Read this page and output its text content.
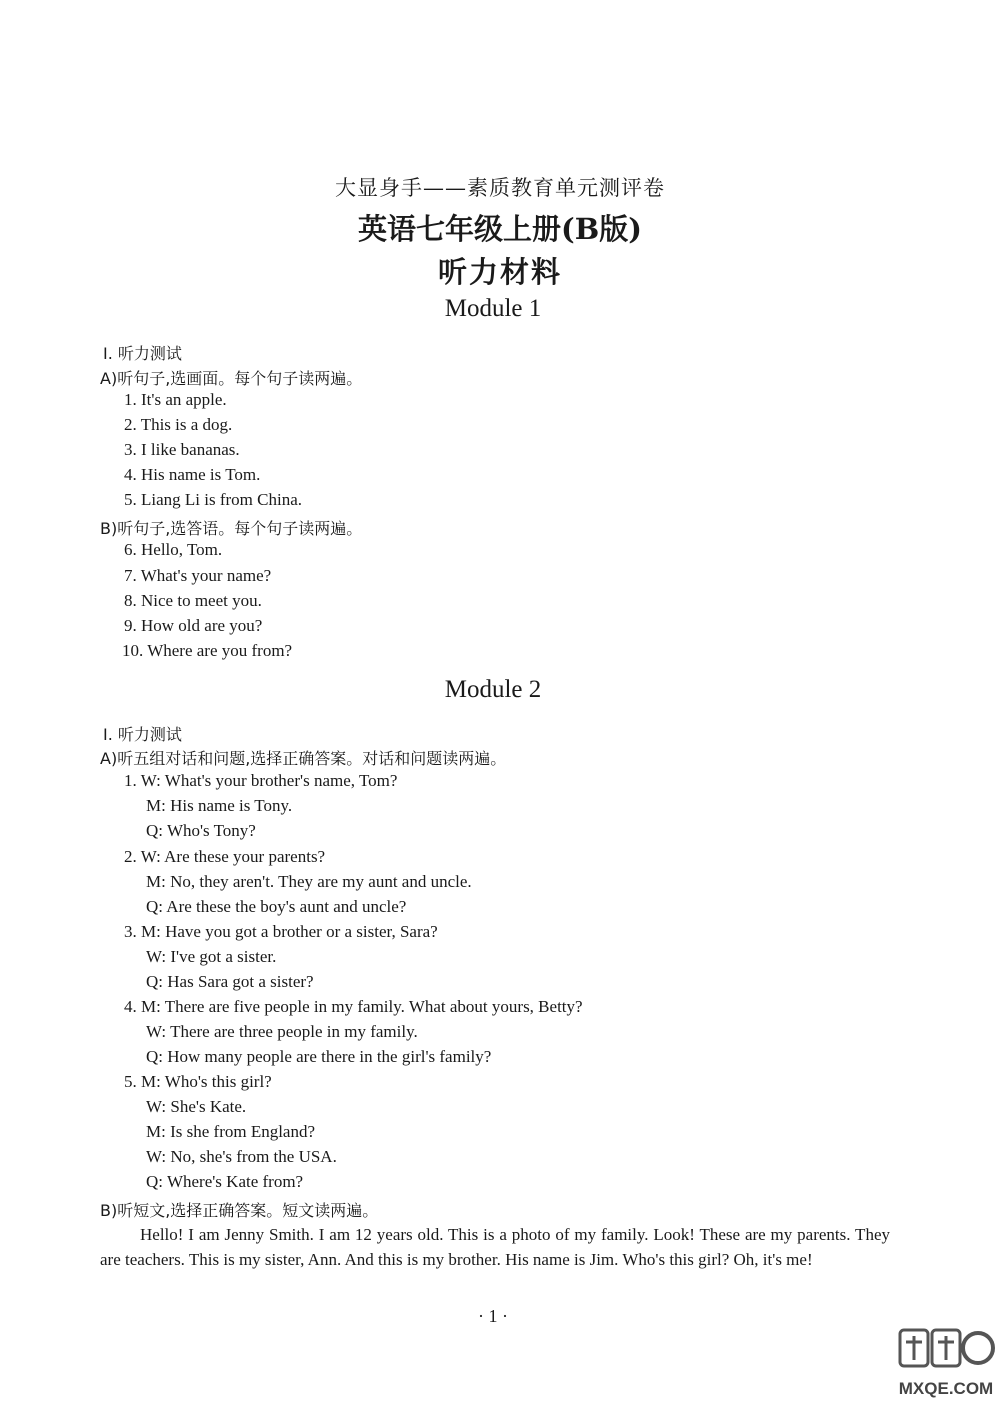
大显身手——素质教育单元测评卷
英语七年级上册(B版)
听力材料
Module 1
Ⅰ. 听力测试
A)听句子,选画面。每个句子读两遍。
1. It's an apple.
2. This is a dog.
3. I like bananas.
4. His name is Tom.
5. Liang Li is from China.
B)听句子,选答语。每个句子读两遍。
6. Hello, Tom.
7. What's your name?
8. Nice to meet you.
9. How old are you?
10. Where are you from?
Module 2
Ⅰ. 听力测试
A)听五组对话和问题,选择正确答案。对话和问题读两遍。
1. W: What's your brother's name, Tom?
M: His name is Tony.
Q: Who's Tony?
2. W: Are these your parents?
M: No, they aren't. They are my aunt and uncle.
Q: Are these the boy's aunt and uncle?
3. M: Have you got a brother or a sister, Sara?
W: I've got a sister.
Q: Has Sara got a sister?
4. M: There are five people in my family. What about yours, Betty?
W: There are three people in my family.
Q: How many people are there in the girl's family?
5. M: Who's this girl?
W: She's Kate.
M: Is she from England?
W: No, she's from the USA.
Q: Where's Kate from?
B)听短文,选择正确答案。短文读两遍。
Hello! I am Jenny Smith. I am 12 years old. This is a photo of my family. Look! These are my parents. They are teachers. This is my sister, Ann. And this is my brother. His name is Jim. Who's this girl? Oh, it's me!
· 1 ·
MXQE.COM
